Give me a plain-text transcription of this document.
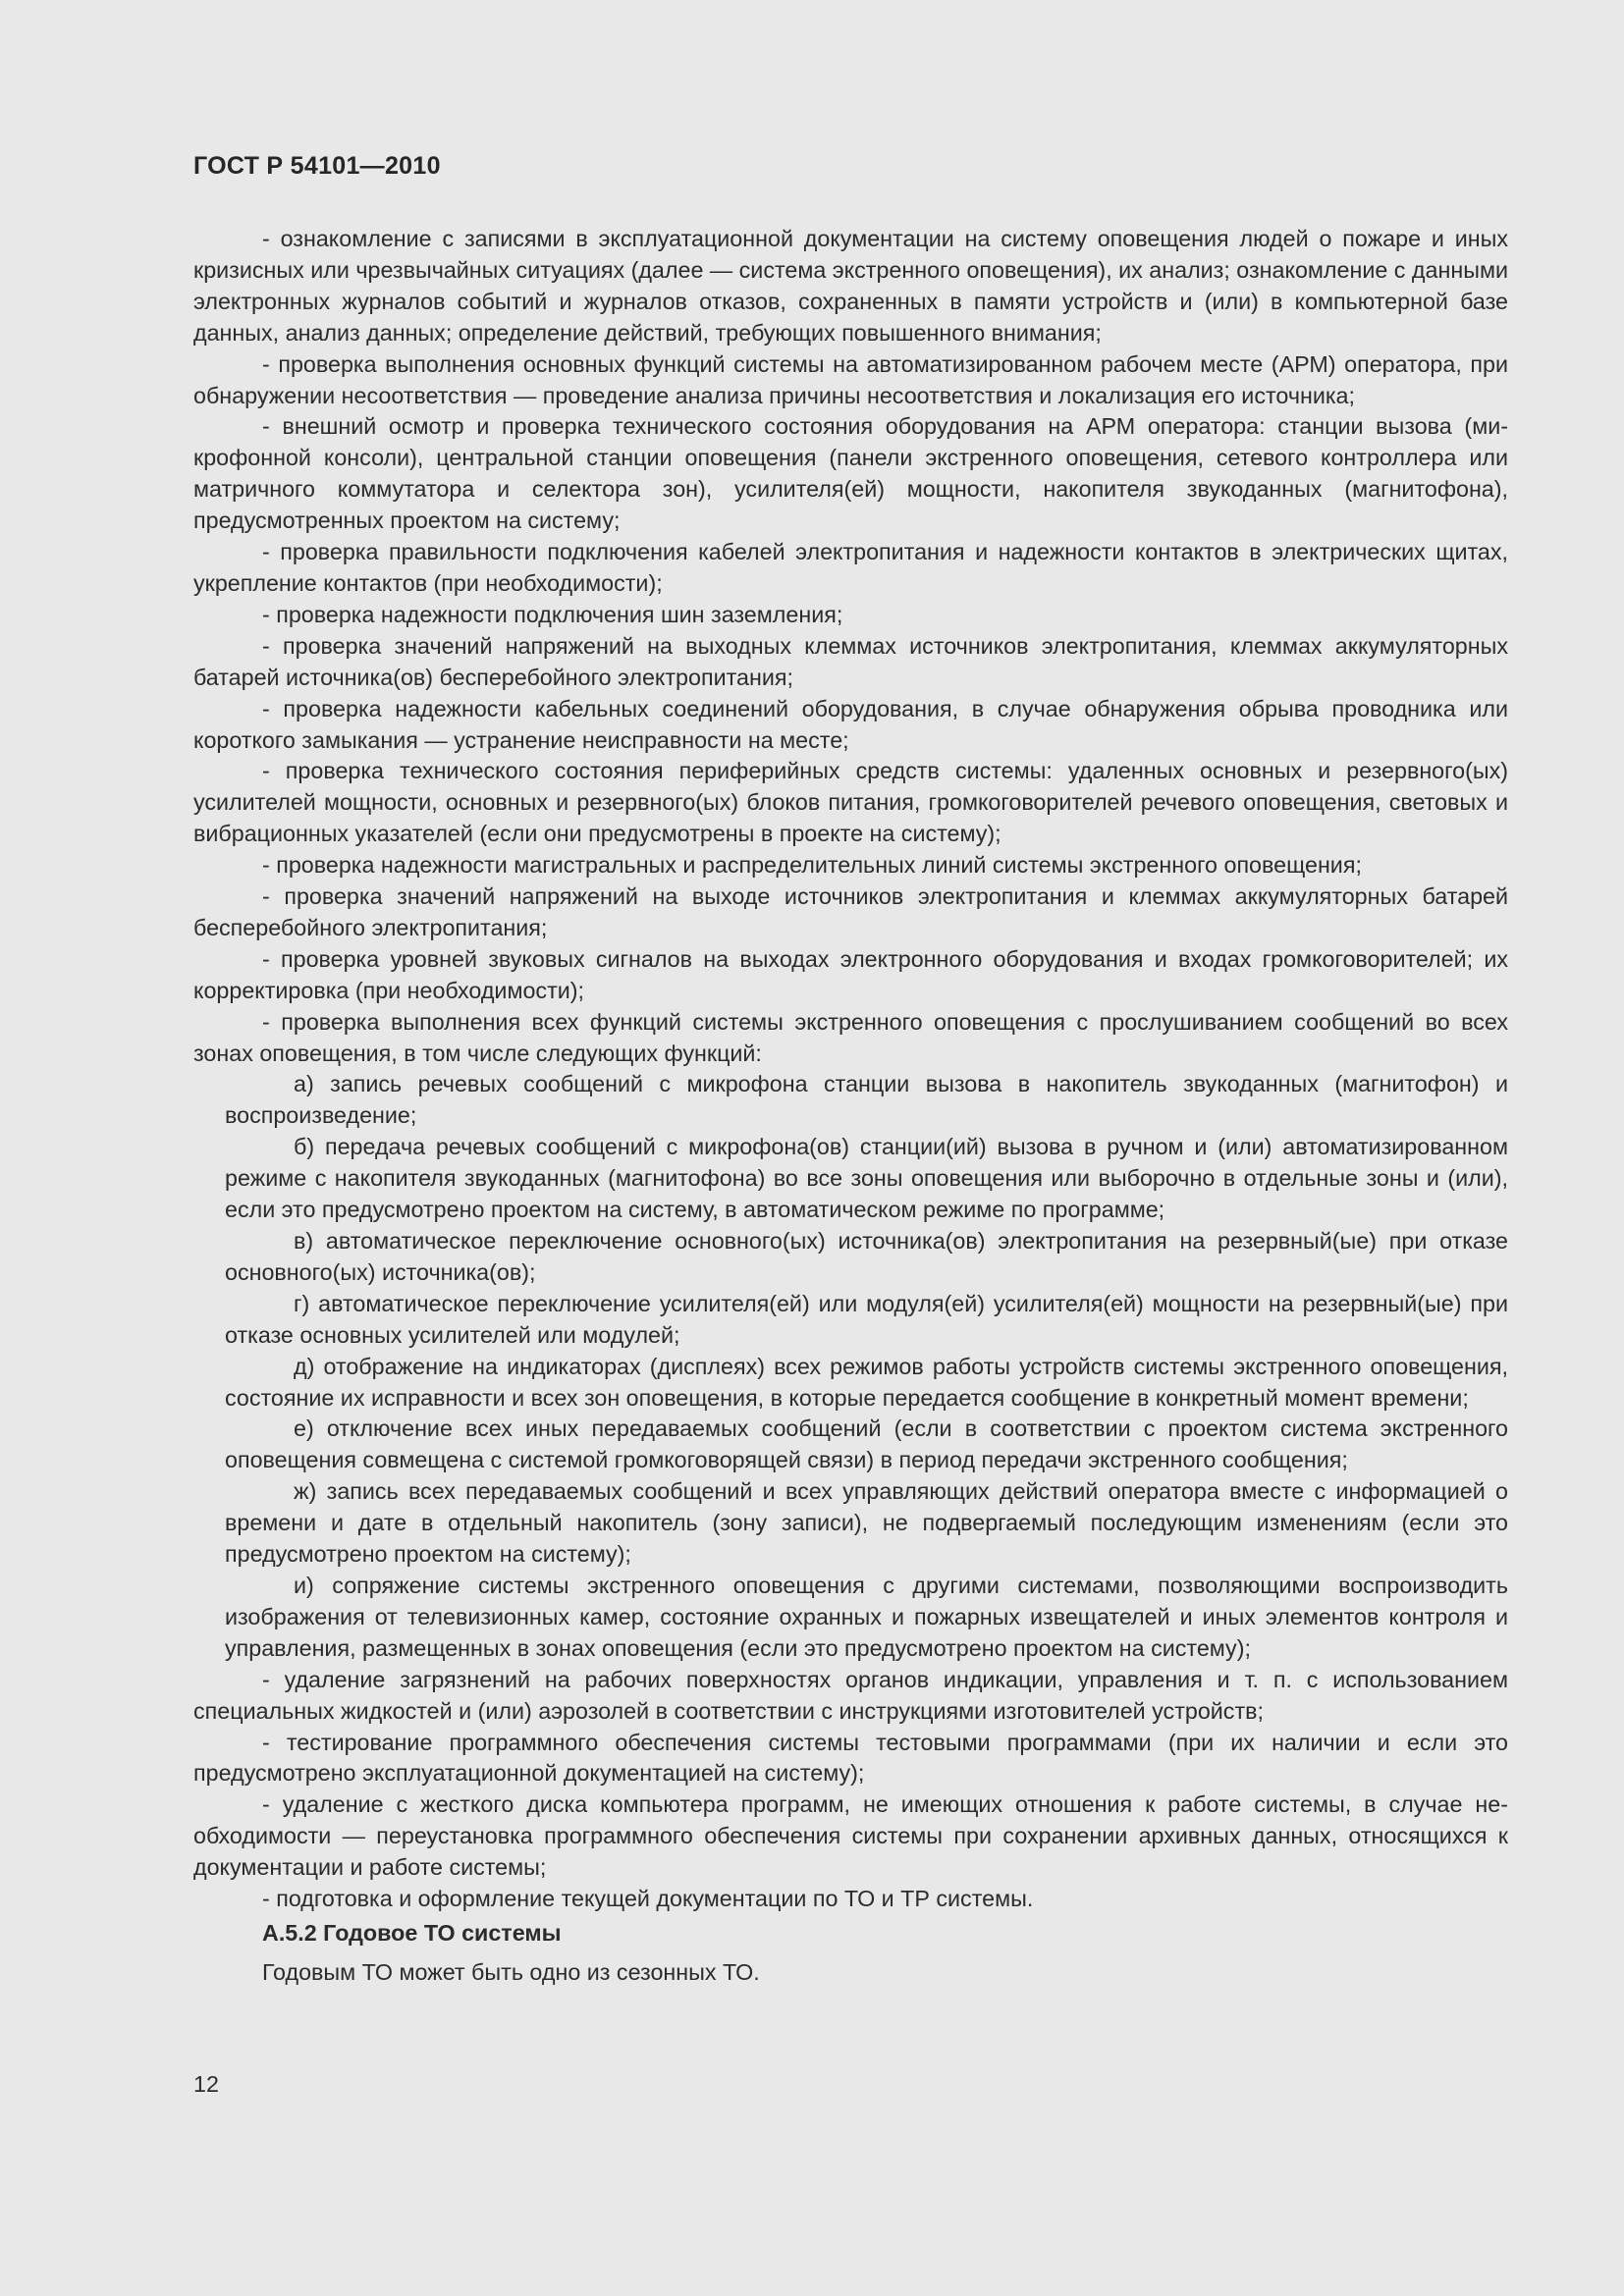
ГОСТ Р 54101—2010

- ознакомление с записями в эксплуатационной документации на систему оповещения людей о пожаре и иных кризисных или чрезвычайных ситуациях (далее — система экстренного оповещения), их анализ; ознакомление с данными электронных журналов событий и журналов отказов, сохраненных в памяти устройств и (или) в компьютерной базе данных, анализ данных; определение действий, требующих повышенного внимания;

- проверка выполнения основных функций системы на автоматизированном рабочем месте (АРМ) оператора, при обнаружении несоответствия — проведение анализа причины несоответствия и локализация его источника;

- внешний осмотр и проверка технического состояния оборудования на АРМ оператора: станции вызова (микрофонной консоли), центральной станции оповещения (панели экстренного оповещения, сетевого контроллера или матричного коммутатора и селектора зон), усилителя(ей) мощности, накопителя звукоданных (магнитофона), предусмотренных проектом на систему;

- проверка правильности подключения кабелей электропитания и надежности контактов в электрических щитах, укрепление контактов (при необходимости);

- проверка надежности подключения шин заземления;

- проверка значений напряжений на выходных клеммах источников электропитания, клеммах аккумуляторных батарей источника(ов) бесперебойного электропитания;

- проверка надежности кабельных соединений оборудования, в случае обнаружения обрыва проводника или короткого замыкания — устранение неисправности на месте;

- проверка технического состояния периферийных средств системы: удаленных основных и резервного(ых) усилителей мощности, основных и резервного(ых) блоков питания, громкоговорителей речевого оповещения, световых и вибрационных указателей (если они предусмотрены в проекте на систему);

- проверка надежности магистральных и распределительных линий системы экстренного оповещения;

- проверка значений напряжений на выходе источников электропитания и клеммах аккумуляторных батарей бесперебойного электропитания;

- проверка уровней звуковых сигналов на выходах электронного оборудования и входах громкоговорителей; их корректировка (при необходимости);

- проверка выполнения всех функций системы экстренного оповещения с прослушиванием сообщений во всех зонах оповещения, в том числе следующих функций:

а) запись речевых сообщений с микрофона станции вызова в накопитель звукоданных (магнитофон) и воспроизведение;

б) передача речевых сообщений с микрофона(ов) станции(ий) вызова в ручном и (или) автоматизированном режиме с накопителя звукоданных (магнитофона) во все зоны оповещения или выборочно в отдельные зоны и (или), если это предусмотрено проектом на систему, в автоматическом режиме по программе;

в) автоматическое переключение основного(ых) источника(ов) электропитания на резервный(ые) при отказе основного(ых) источника(ов);

г) автоматическое переключение усилителя(ей) или модуля(ей) усилителя(ей) мощности на резервный(ые) при отказе основных усилителей или модулей;

д) отображение на индикаторах (дисплеях) всех режимов работы устройств системы экстренного оповещения, состояние их исправности и всех зон оповещения, в которые передается сообщение в конкретный момент времени;

е) отключение всех иных передаваемых сообщений (если в соответствии с проектом система экстренного оповещения совмещена с системой громкоговорящей связи) в период передачи экстренного сообщения;

ж) запись всех передаваемых сообщений и всех управляющих действий оператора вместе с информацией о времени и дате в отдельный накопитель (зону записи), не подвергаемый последующим изменениям (если это предусмотрено проектом на систему);

и) сопряжение системы экстренного оповещения с другими системами, позволяющими воспроизводить изображения от телевизионных камер, состояние охранных и пожарных извещателей и иных элементов контроля и управления, размещенных в зонах оповещения (если это предусмотрено проектом на систему);

- удаление загрязнений на рабочих поверхностях органов индикации, управления и т. п. с использованием специальных жидкостей и (или) аэрозолей в соответствии с инструкциями изготовителей устройств;

- тестирование программного обеспечения системы тестовыми программами (при их наличии и если это предусмотрено эксплуатационной документацией на систему);

- удаление с жесткого диска компьютера программ, не имеющих отношения к работе системы, в случае необходимости — переустановка программного обеспечения системы при сохранении архивных данных, относящихся к документации и работе системы;

- подготовка и оформление текущей документации по ТО и ТР системы.

А.5.2 Годовое ТО системы

Годовым ТО может быть одно из сезонных ТО.

12
